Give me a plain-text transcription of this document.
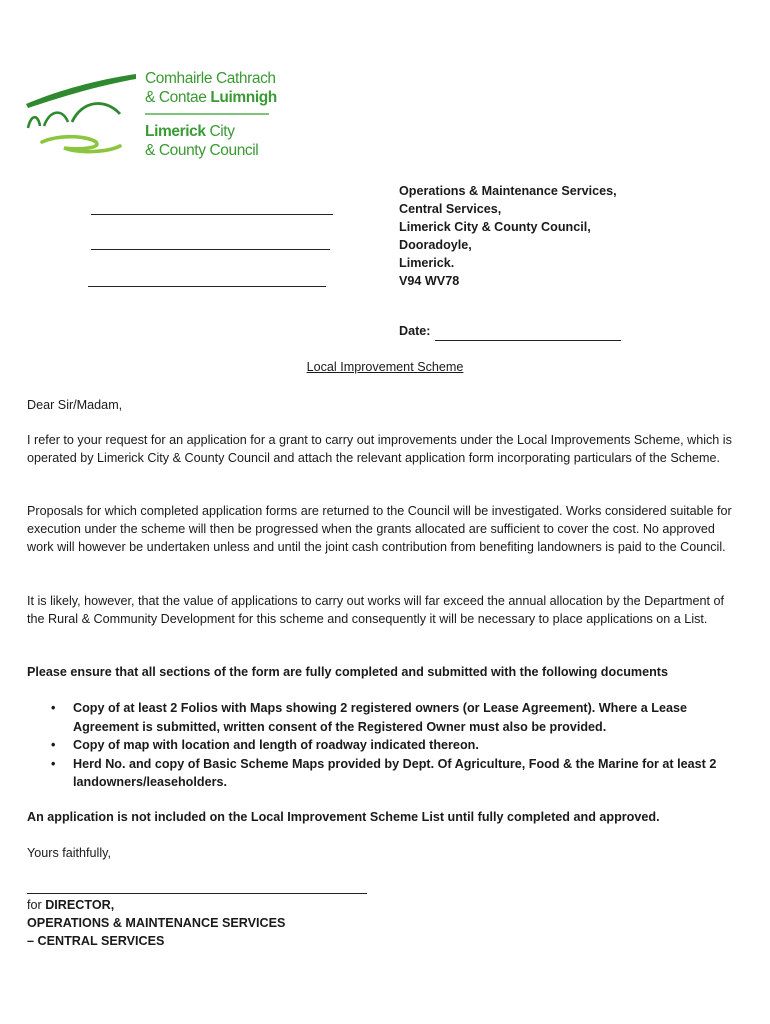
Comhairle Cathrach
& Contae Luimnigh
Limerick City
& County Council
Operations & Maintenance Services,
Central Services,
Limerick City & County Council,
Dooradoyle,
Limerick.
V94 WV78
Date:
Local Improvement Scheme
Dear Sir/Madam,
I refer to your request for an application for a grant to carry out improvements under the Local Improvements Scheme, which is operated by Limerick City & County Council and attach the relevant application form incorporating particulars of the Scheme.
Proposals for which completed application forms are returned to the Council will be investigated. Works considered suitable for execution under the scheme will then be progressed when the grants allocated are sufficient to cover the cost. No approved work will however be undertaken unless and until the joint cash contribution from benefiting landowners is paid to the Council.
It is likely, however, that the value of applications to carry out works will far exceed the annual allocation by the Department of the Rural & Community Development for this scheme and consequently it will be necessary to place applications on a List.
Please ensure that all sections of the form are fully completed and submitted with the following documents
• Copy of at least 2 Folios with Maps showing 2 registered owners (or Lease Agreement). Where a Lease Agreement is submitted, written consent of the Registered Owner must also be provided.
• Copy of map with location and length of roadway indicated thereon.
• Herd No. and copy of Basic Scheme Maps provided by Dept. Of Agriculture, Food & the Marine for at least 2 landowners/leaseholders.
An application is not included on the Local Improvement Scheme List until fully completed and approved.
Yours faithfully,
for DIRECTOR,
OPERATIONS & MAINTENANCE SERVICES
– CENTRAL SERVICES
